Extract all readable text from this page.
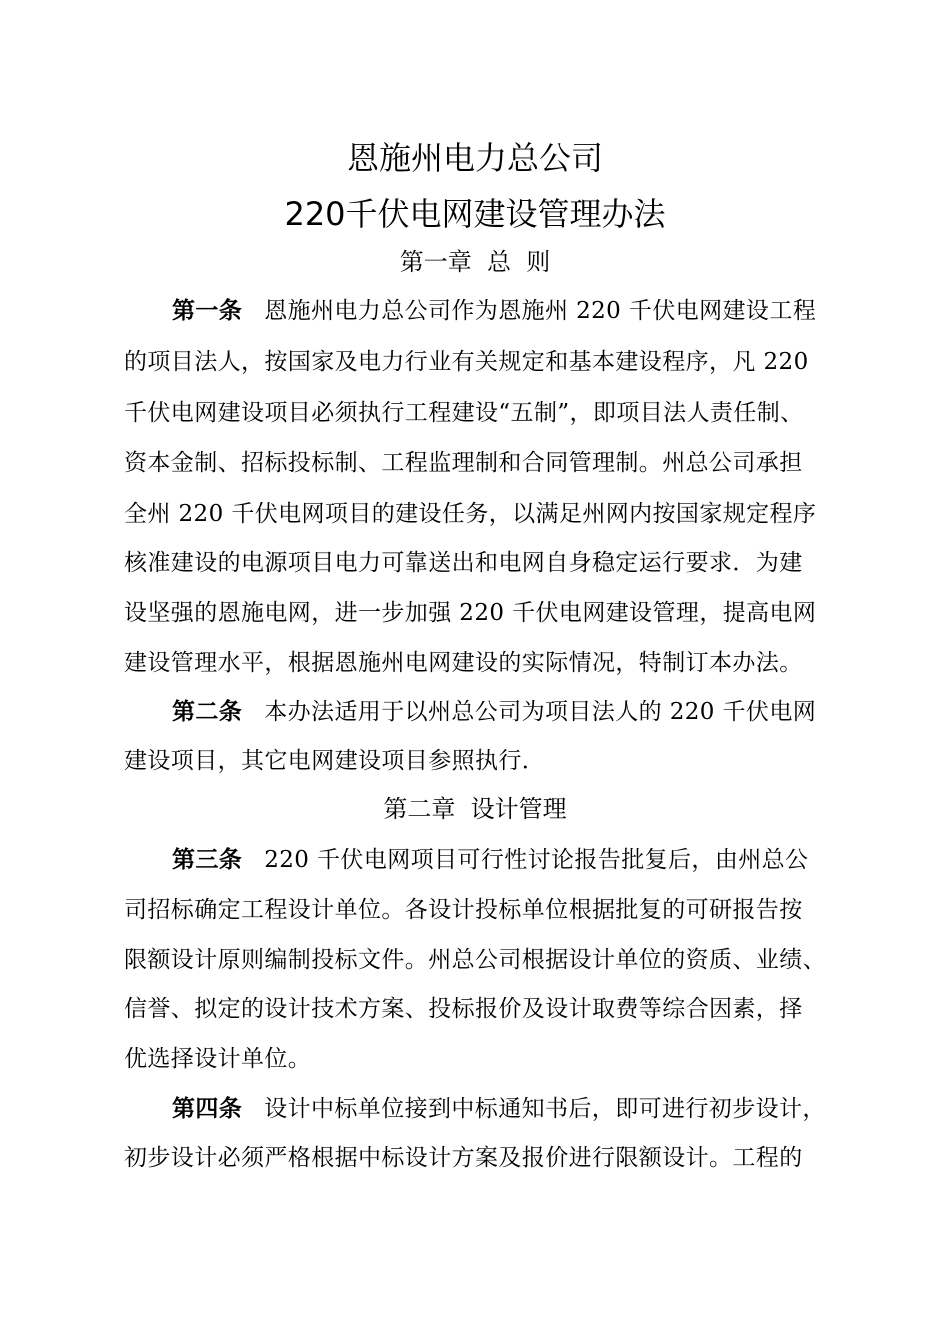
恩施州电力总公司
220千伏电网建设管理办法
第一章  总  则
第一条 恩施州电力总公司作为恩施州 220 千伏电网建设工程
的项目法人，按国家及电力行业有关规定和基本建设程序，凡 220
千伏电网建设项目必须执行工程建设“五制”，即项目法人责任制、
资本金制、招标投标制、工程监理制和合同管理制。州总公司承担
全州 220 千伏电网项目的建设任务，以满足州网内按国家规定程序
核准建设的电源项目电力可靠送出和电网自身稳定运行要求．为建
设坚强的恩施电网，进一步加强 220 千伏电网建设管理，提高电网
建设管理水平，根据恩施州电网建设的实际情况，特制订本办法。
第二条 本办法适用于以州总公司为项目法人的 220 千伏电网
建设项目，其它电网建设项目参照执行．
第二章  设计管理
第三条 220 千伏电网项目可行性讨论报告批复后，由州总公
司招标确定工程设计单位。各设计投标单位根据批复的可研报告按
限额设计原则编制投标文件。州总公司根据设计单位的资质、业绩、
信誉、拟定的设计技术方案、投标报价及设计取费等综合因素，择
优选择设计单位。
第四条 设计中标单位接到中标通知书后，即可进行初步设计，
初步设计必须严格根据中标设计方案及报价进行限额设计。工程的
